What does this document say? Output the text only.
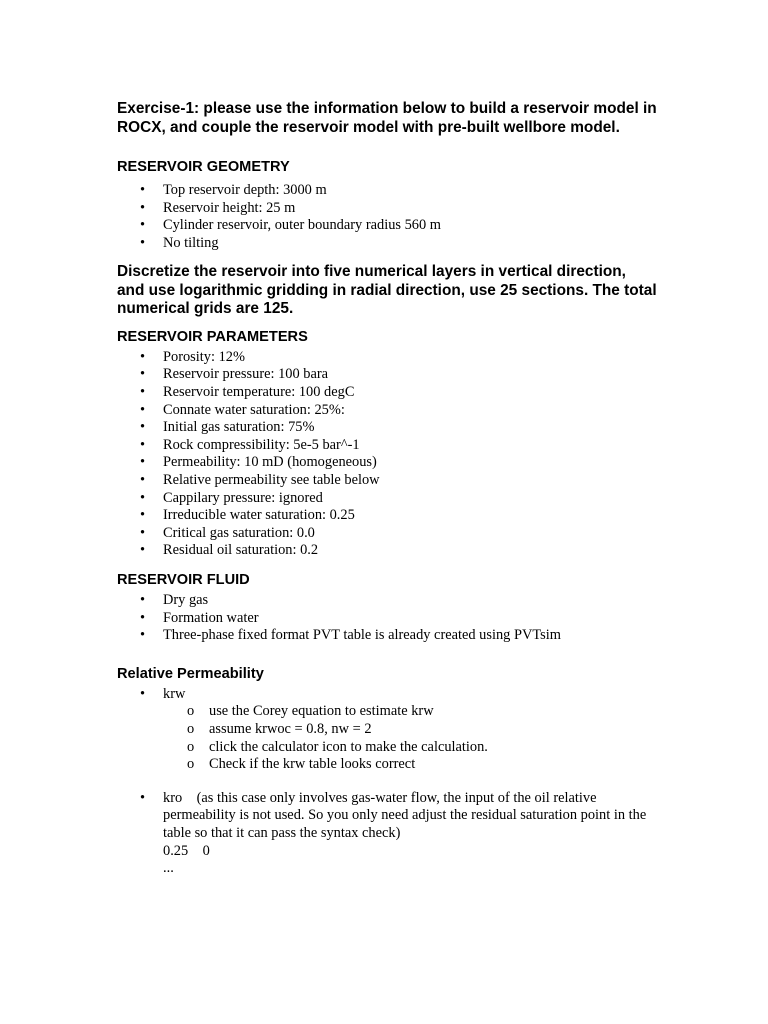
Exercise-1: please use the information below to build a reservoir model in ROCX, and couple the reservoir model with pre-built wellbore model.
RESERVOIR GEOMETRY
• Top reservoir depth: 3000 m
• Reservoir height: 25 m
• Cylinder reservoir, outer boundary radius 560 m
• No tilting
Discretize the reservoir into five numerical layers in vertical direction, and use logarithmic gridding in radial direction, use 25 sections. The total numerical grids are 125.
RESERVOIR PARAMETERS
• Porosity: 12%
• Reservoir pressure: 100 bara
• Reservoir temperature: 100 degC
• Connate water saturation: 25%:
• Initial gas saturation: 75%
• Rock compressibility: 5e-5 bar^-1
• Permeability: 10 mD (homogeneous)
• Relative permeability see table below
• Cappilary pressure: ignored
• Irreducible water saturation: 0.25
• Critical gas saturation: 0.0
• Residual oil saturation: 0.2
RESERVOIR FLUID
• Dry gas
• Formation water
• Three-phase fixed format PVT table is already created using PVTsim
Relative Permeability
• krw
o use the Corey equation to estimate krw
o assume krwoc = 0.8, nw = 2
o click the calculator icon to make the calculation.
o Check if the krw table looks correct
• kro    (as this case only involves gas-water flow, the input of the oil relative permeability is not used. So you only need adjust the residual saturation point in the table so that it can pass the syntax check)
0.25    0
...
